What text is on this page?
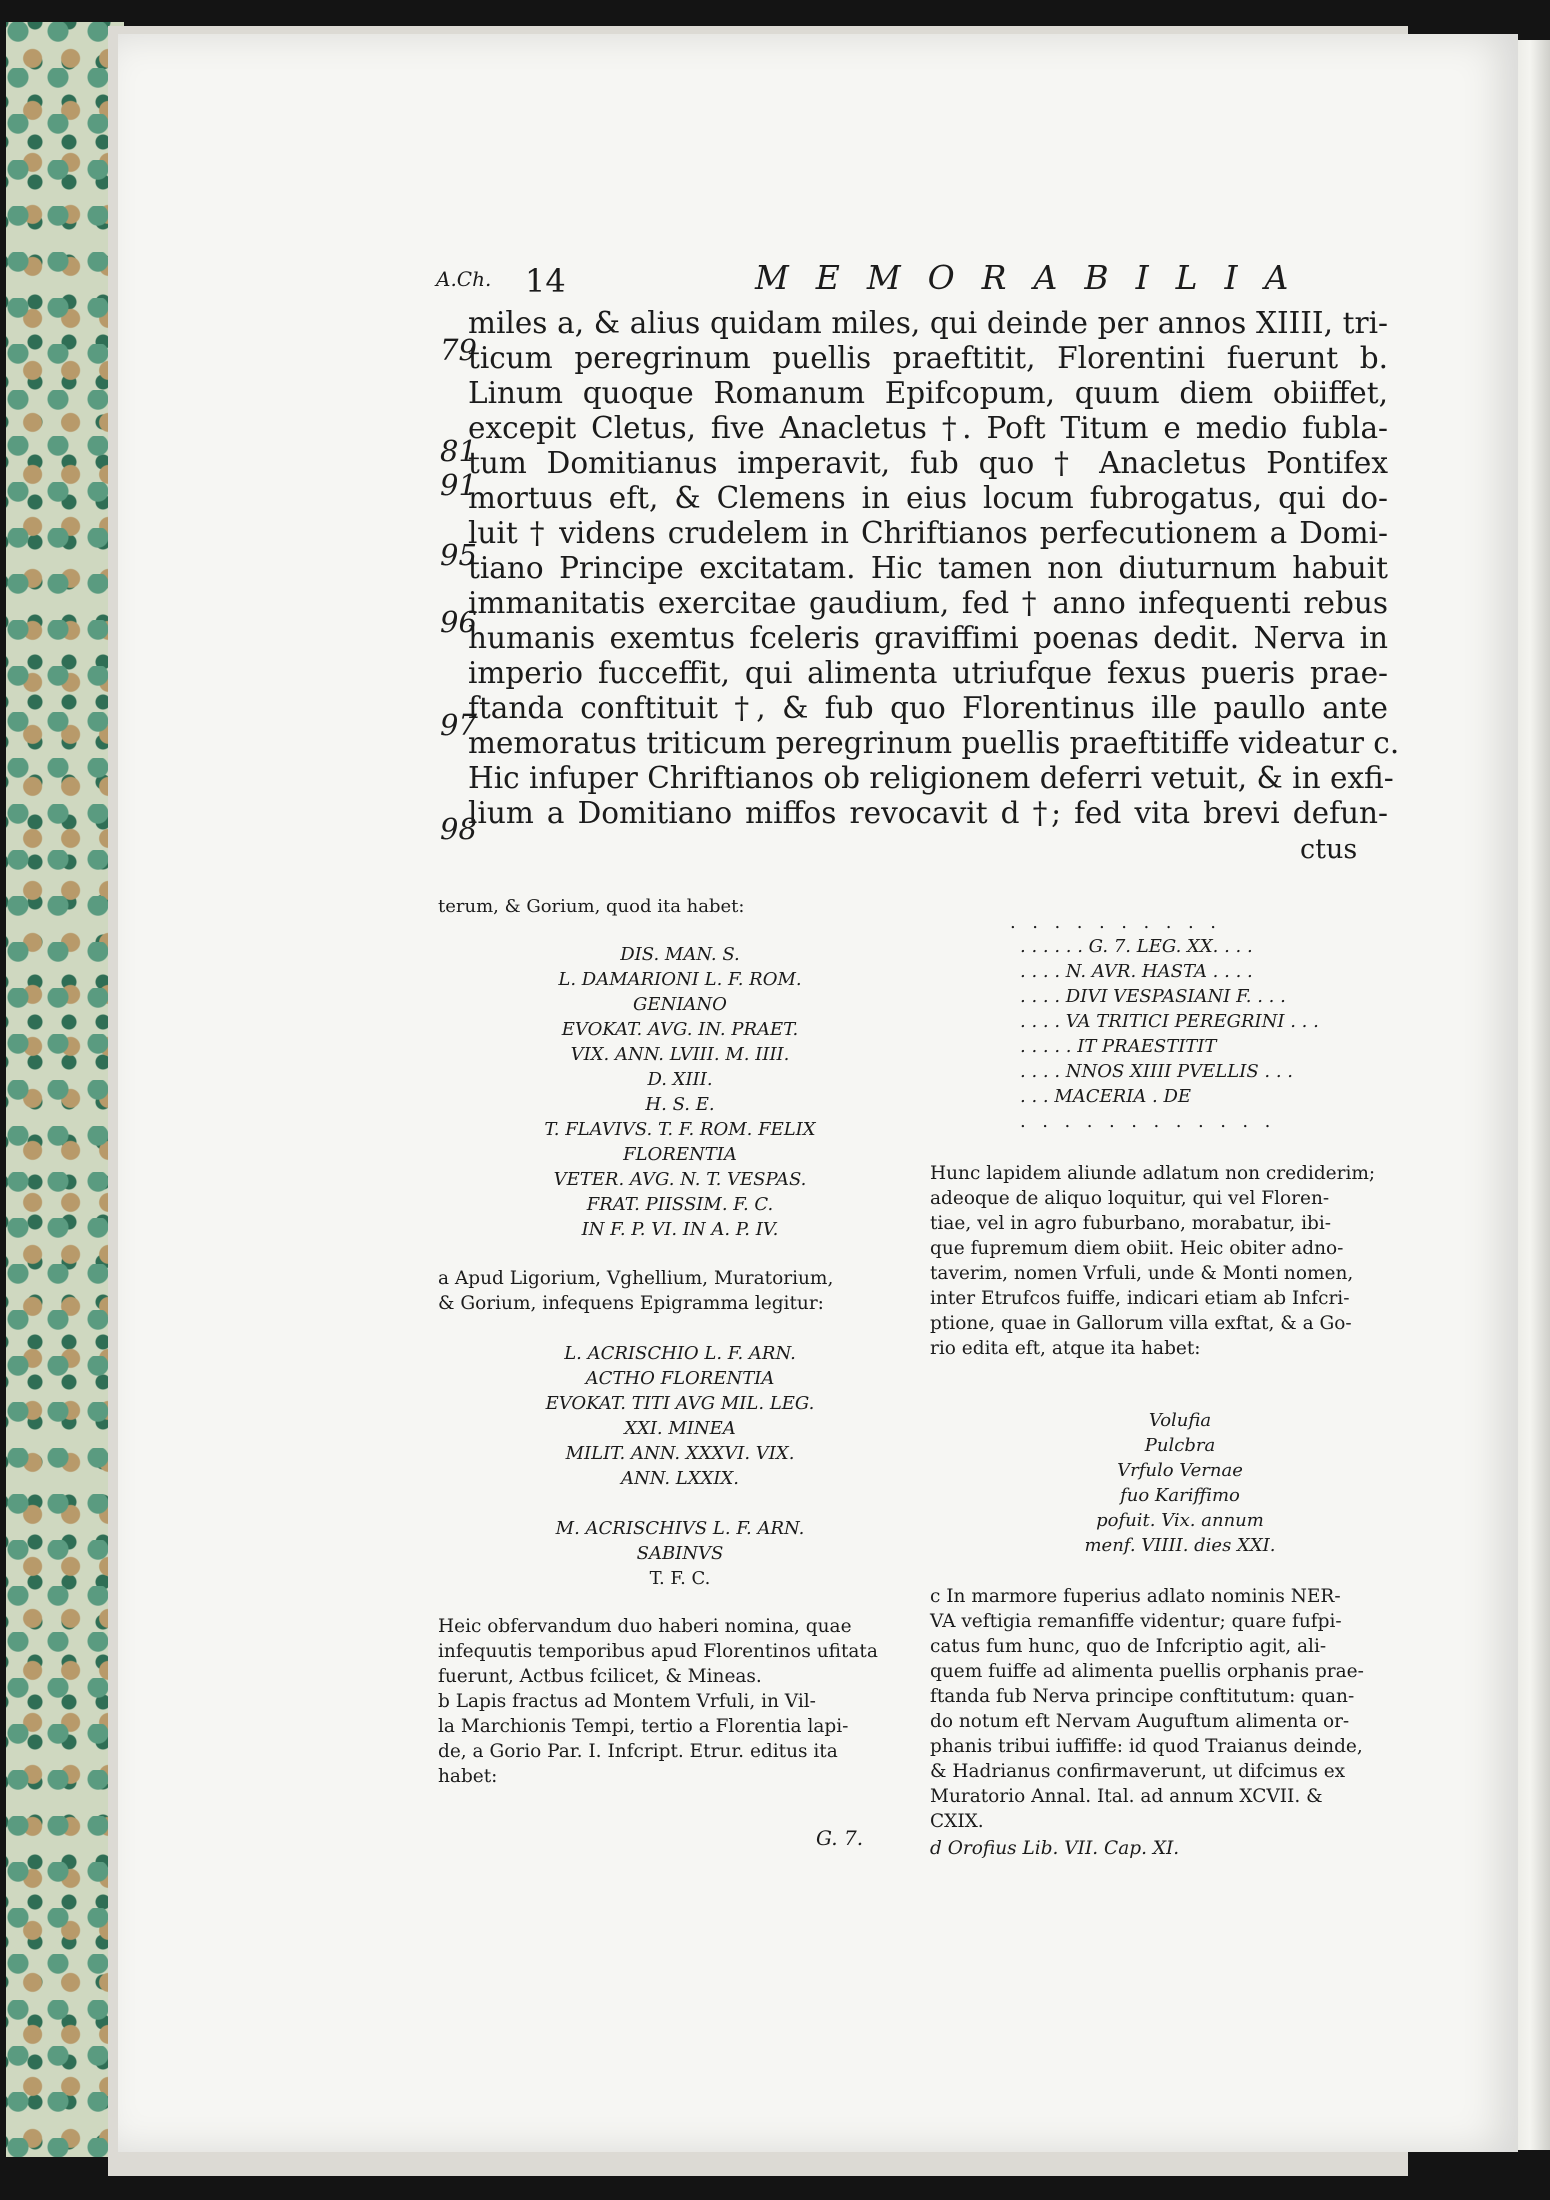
A.Ch. 14	M E M O R A B I L I A
79
81
91
95
96
97
98
miles a, & alius quidam miles, qui deinde per annos XIIII, tri-
ticum peregrinum puellis praeftitit, Florentini fuerunt b.
Linum quoque Romanum Epifcopum, quum diem obiiffet,
excepit Cletus, five Anacletus †. Poft Titum e medio fubla-
tum Domitianus imperavit, fub quo † Anacletus Pontifex
mortuus eft, & Clemens in eius locum fubrogatus, qui do-
luit † videns crudelem in Chriftianos perfecutionem a Domi-
tiano Principe excitatam. Hic tamen non diuturnum habuit
immanitatis exercitae gaudium, fed † anno infequenti rebus
humanis exemtus fceleris graviffimi poenas dedit. Nerva in
imperio fucceffit, qui alimenta utriufque fexus pueris prae-
ftanda conftituit †, & fub quo Florentinus ille paullo ante
memoratus triticum peregrinum puellis praeftitiffe videatur c.
Hic infuper Chriftianos ob religionem deferri vetuit, & in exfi-
lium a Domitiano miffos revocavit d †; fed vita brevi defun-
ctus
terum, & Gorium, quod ita habet:
DIS. MAN. S.
L. DAMARIONI L. F. ROM.
GENIANO
EVOKAT. AVG. IN. PRAET.
VIX. ANN. LVIII. M. IIII.
D. XIII.
H. S. E.
T. FLAVIVS. T. F. ROM. FELIX
FLORENTIA
VETER. AVG. N. T. VESPAS.
FRAT. PIISSIM. F. C.
IN F. P. VI. IN A. P. IV.
a Apud Ligorium, Vghellium, Muratorium,
& Gorium, infequens Epigramma legitur:
L. ACRISCHIO L. F. ARN.
ACTHO FLORENTIA
EVOKAT. TITI AVG MIL. LEG.
XXI. MINEA
MILIT. ANN. XXXVI. VIX.
ANN. LXXIX.
M. ACRISCHIVS L. F. ARN.
SABINVS
T. F. C.
Heic obfervandum duo haberi nomina, quae
infequutis temporibus apud Florentinos ufitata
fuerunt, Actbus fcilicet, & Mineas.
b Lapis fractus ad Montem Vrfuli, in Vil-
la Marchionis Tempi, tertio a Florentia lapi-
de, a Gorio Par. I. Infcript. Etrur. editus ita
habet:
G. 7.
. . . . . . . . . .
. . . . . . G. 7. LEG. XX. . . .
. . . . N. AVR. HASTA . . . .
. . . . DIVI VESPASIANI F. . . .
. . . . VA TRITICI PEREGRINI . . .
. . . . . IT PRAESTITIT
. . . . NNOS XIIII PVELLIS . . .
. . . MACERIA . DE
. . . . . . . . . . . .
Hunc lapidem aliunde adlatum non crediderim;
adeoque de aliquo loquitur, qui vel Floren-
tiae, vel in agro fuburbano, morabatur, ibi-
que fupremum diem obiit. Heic obiter adno-
taverim, nomen Vrfuli, unde & Monti nomen,
inter Etrufcos fuiffe, indicari etiam ab Infcri-
ptione, quae in Gallorum villa exftat, & a Go-
rio edita eft, atque ita habet:
Volufia
Pulcbra
Vrfulo Vernae
fuo Kariffimo
pofuit. Vix. annum
menf. VIIII. dies XXI.
c In marmore fuperius adlato nominis NER-
VA veftigia remanfiffe videntur; quare fufpi-
catus fum hunc, quo de Infcriptio agit, ali-
quem fuiffe ad alimenta puellis orphanis prae-
ftanda fub Nerva principe conftitutum: quan-
do notum eft Nervam Auguftum alimenta or-
phanis tribui iuffiffe: id quod Traianus deinde,
& Hadrianus confirmaverunt, ut difcimus ex
Muratorio Annal. Ital. ad annum XCVII. &
CXIX.
d Orofius Lib. VII. Cap. XI.
